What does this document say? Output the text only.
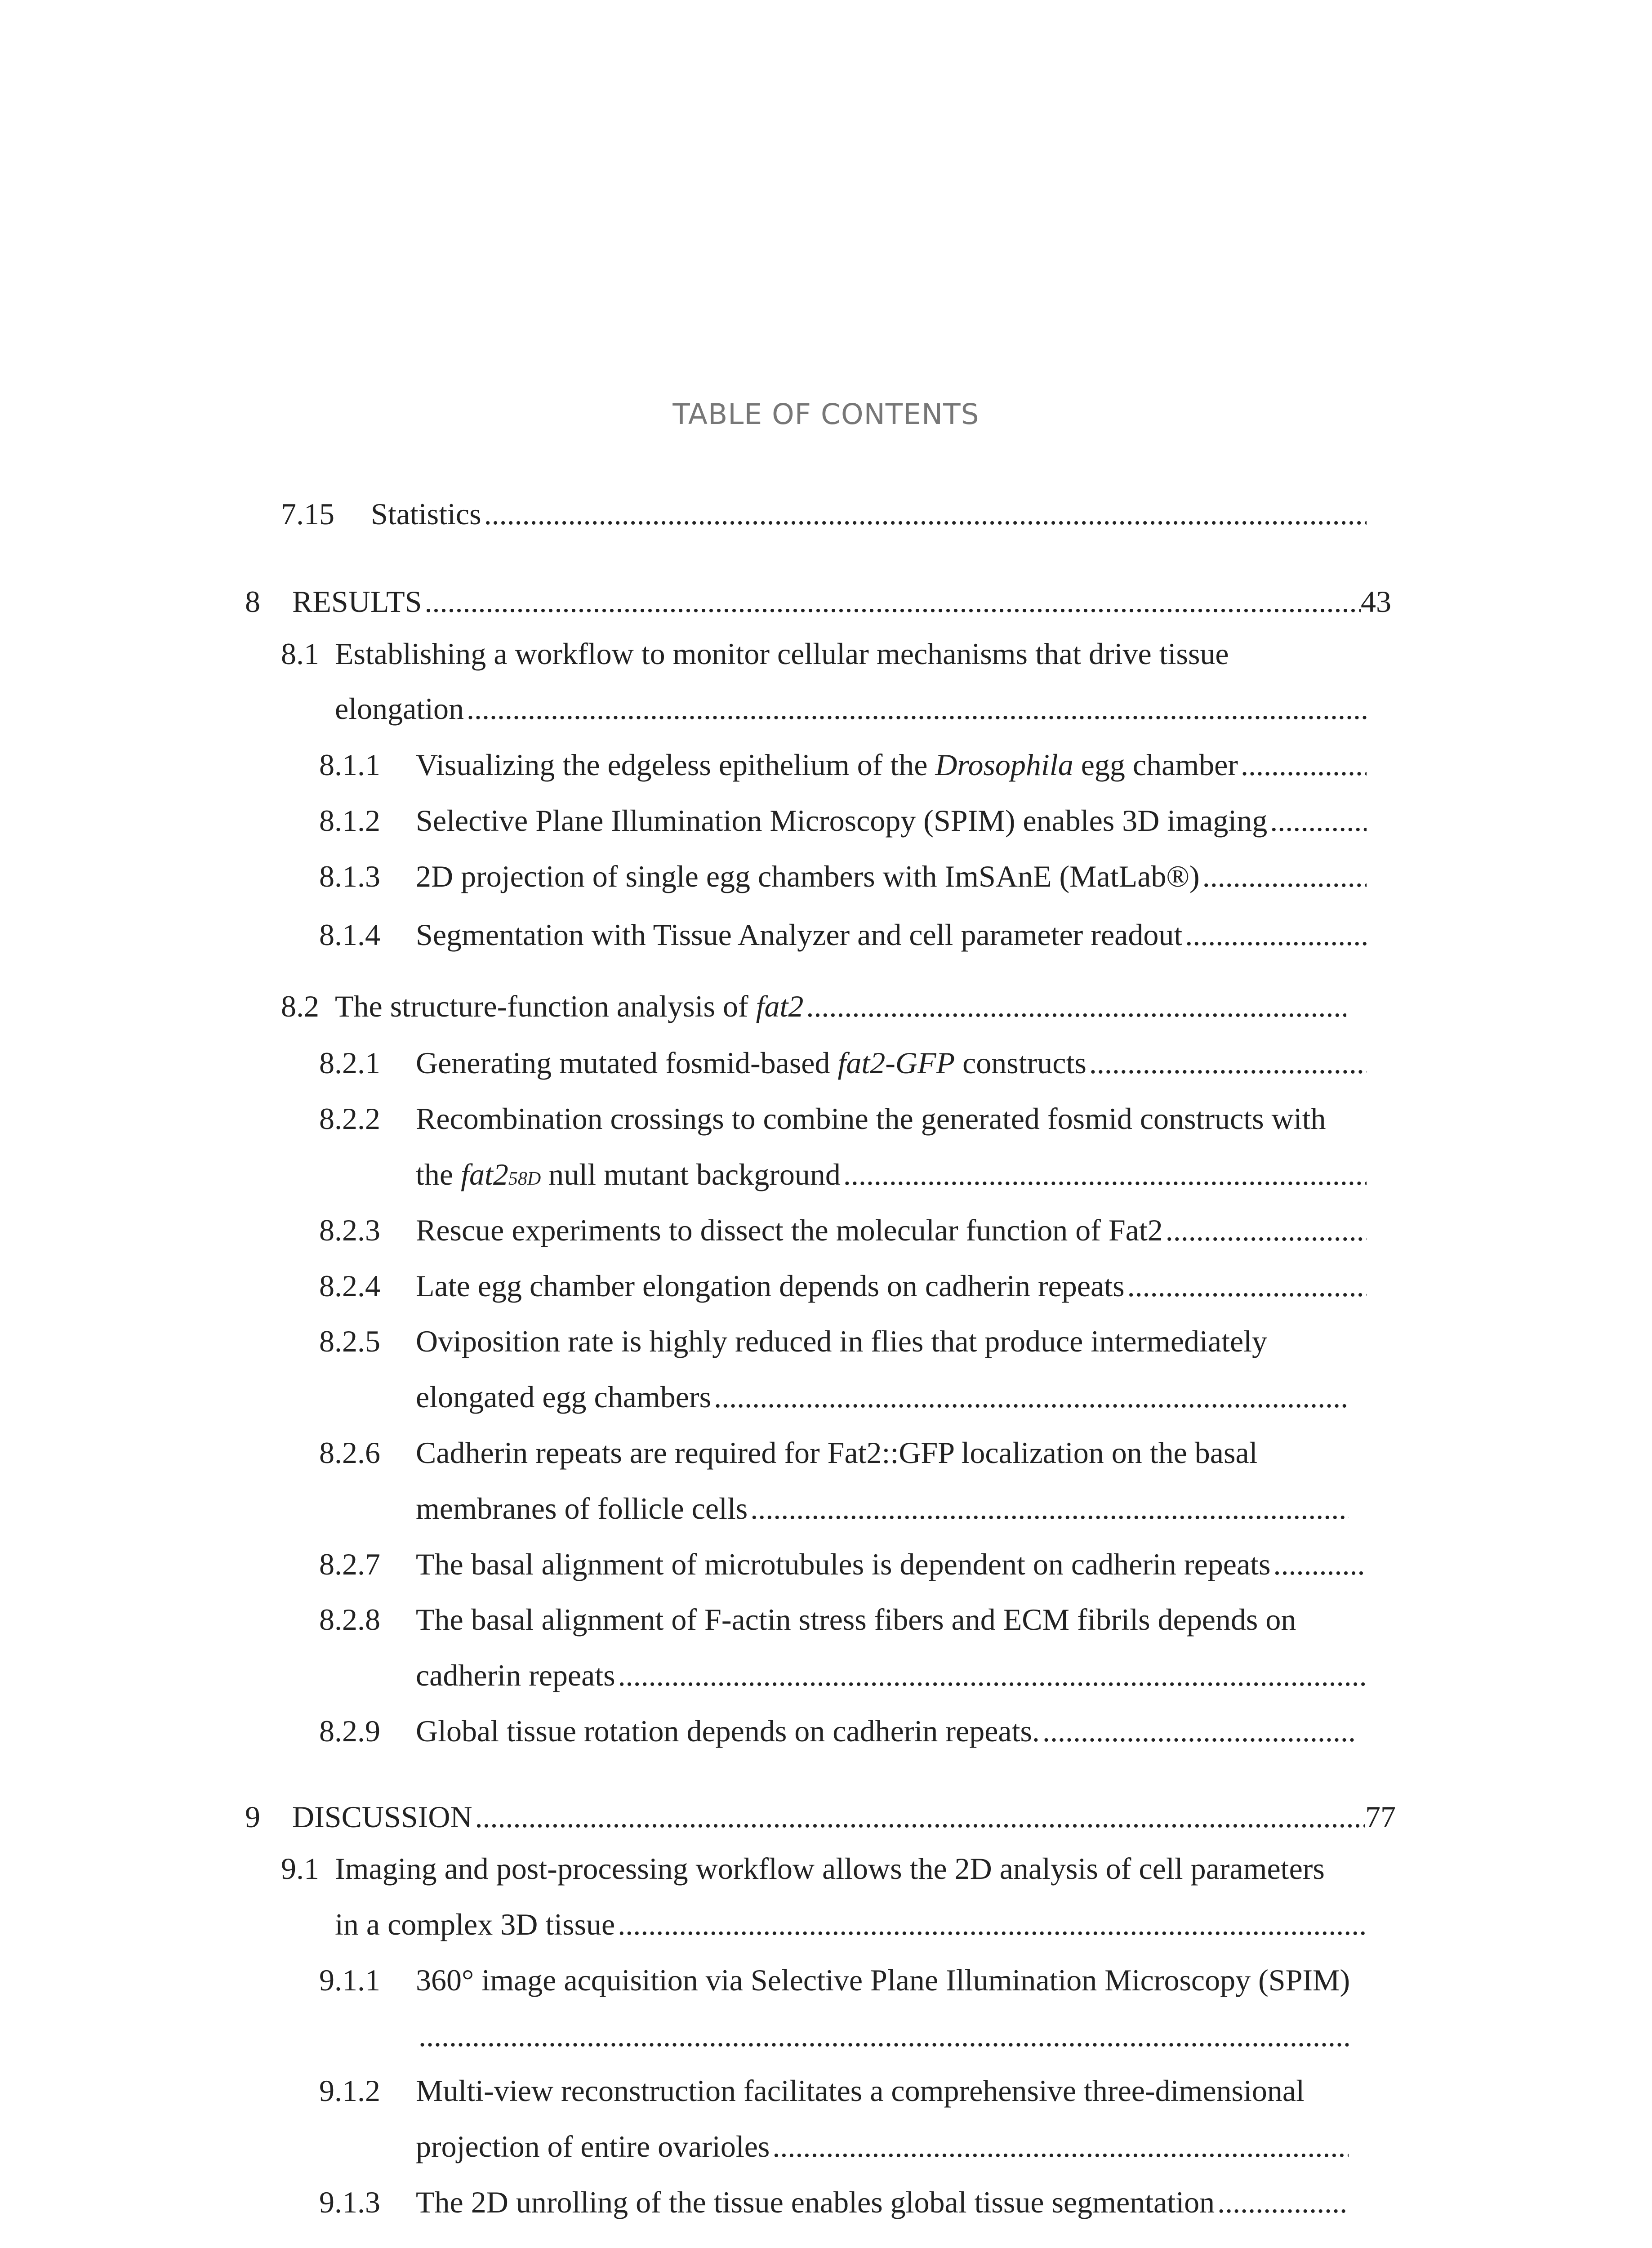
TABLE OF CONTENTS
7.15 Statistics
.....
8 RESULTS .....	43
8.1 Establishing a workflow to monitor cellular mechanisms that drive tissue
elongation
.....
8.1.1 Visualizing the edgeless epithelium of the Drosophila egg chamber
.....
8.1.2 Selective Plane Illumination Microscopy (SPIM) enables 3D imaging
.....
8.1.3 2D projection of single egg chambers with ImSAnE (MatLab®)
.....
8.1.4 Segmentation with Tissue Analyzer and cell parameter readout
.....
8.2 The structure-function analysis of fat2
.....
8.2.1 Generating mutated fosmid-based fat2-GFP constructs
.....
8.2.2 Recombination crossings to combine the generated fosmid constructs with
the fat2 58D null mutant background
.....
8.2.3 Rescue experiments to dissect the molecular function of Fat2
.....
8.2.4 Late egg chamber elongation depends on cadherin repeats
.....
8.2.5 Oviposition rate is highly reduced in flies that produce intermediately
elongated egg chambers
.....
8.2.6 Cadherin repeats are required for Fat2::GFP localization on the basal
membranes of follicle cells
.....
8.2.7 The basal alignment of microtubules is dependent on cadherin repeats
.....
8.2.8 The basal alignment of F-actin stress fibers and ECM fibrils depends on
cadherin repeats
.....
8.2.9 Global tissue rotation depends on cadherin repeats.
.....
9 DISCUSSION .....	77
9.1 Imaging and post-processing workflow allows the 2D analysis of cell parameters
in a complex 3D tissue
.....
9.1.1 360° image acquisition via Selective Plane Illumination Microscopy (SPIM)
.....
9.1.2 Multi-view reconstruction facilitates a comprehensive three-dimensional
projection of entire ovarioles
.....
9.1.3 The 2D unrolling of the tissue enables global tissue segmentation
.....
